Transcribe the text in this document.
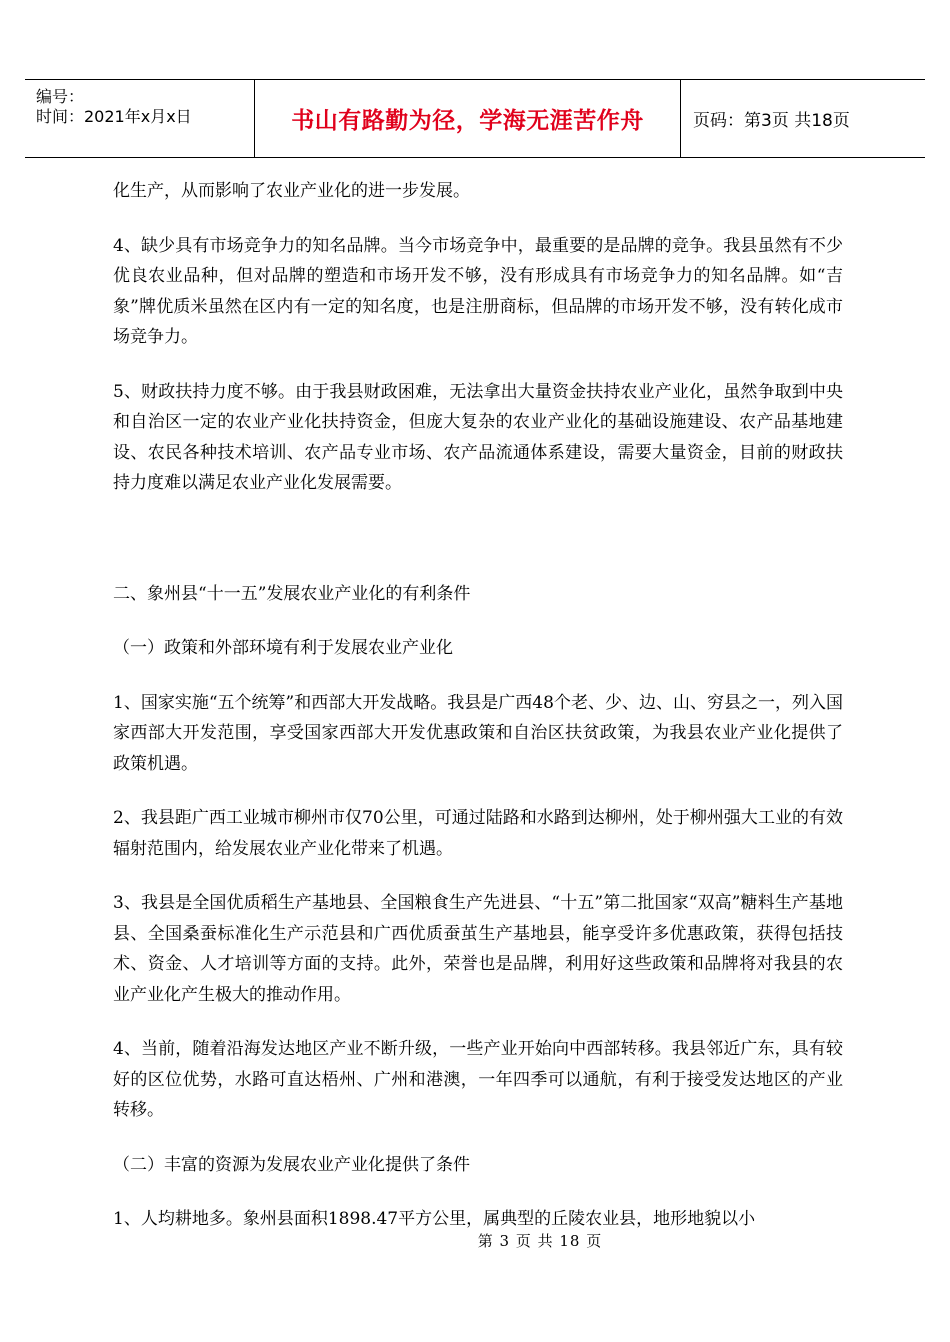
编号：
时间：2021年x月x日	书山有路勤为径，学海无涯苦作舟	页码：第3页 共18页

化生产，从而影响了农业产业化的进一步发展。

4、缺少具有市场竞争力的知名品牌。当今市场竞争中，最重要的是品牌的竞争。我县虽然有不少优良农业品种，但对品牌的塑造和市场开发不够，没有形成具有市场竞争力的知名品牌。如“吉象”牌优质米虽然在区内有一定的知名度，也是注册商标，但品牌的市场开发不够，没有转化成市场竞争力。

5、财政扶持力度不够。由于我县财政困难，无法拿出大量资金扶持农业产业化，虽然争取到中央和自治区一定的农业产业化扶持资金，但庞大复杂的农业产业化的基础设施建设、农产品基地建设、农民各种技术培训、农产品专业市场、农产品流通体系建设，需要大量资金，目前的财政扶持力度难以满足农业产业化发展需要。

二、象州县“十一五”发展农业产业化的有利条件

（一）政策和外部环境有利于发展农业产业化

1、国家实施“五个统筹”和西部大开发战略。我县是广西48个老、少、边、山、穷县之一，列入国家西部大开发范围，享受国家西部大开发优惠政策和自治区扶贫政策，为我县农业产业化提供了政策机遇。

2、我县距广西工业城市柳州市仅70公里，可通过陆路和水路到达柳州，处于柳州强大工业的有效辐射范围内，给发展农业产业化带来了机遇。

3、我县是全国优质稻生产基地县、全国粮食生产先进县、“十五”第二批国家“双高”糖料生产基地县、全国桑蚕标准化生产示范县和广西优质蚕茧生产基地县，能享受许多优惠政策，获得包括技术、资金、人才培训等方面的支持。此外，荣誉也是品牌，利用好这些政策和品牌将对我县的农业产业化产生极大的推动作用。

4、当前，随着沿海发达地区产业不断升级，一些产业开始向中西部转移。我县邻近广东，具有较好的区位优势，水路可直达梧州、广州和港澳，一年四季可以通航，有利于接受发达地区的产业转移。

（二）丰富的资源为发展农业产业化提供了条件

1、人均耕地多。象州县面积1898.47平方公里，属典型的丘陵农业县，地形地貌以小

第 3 页 共 18 页
